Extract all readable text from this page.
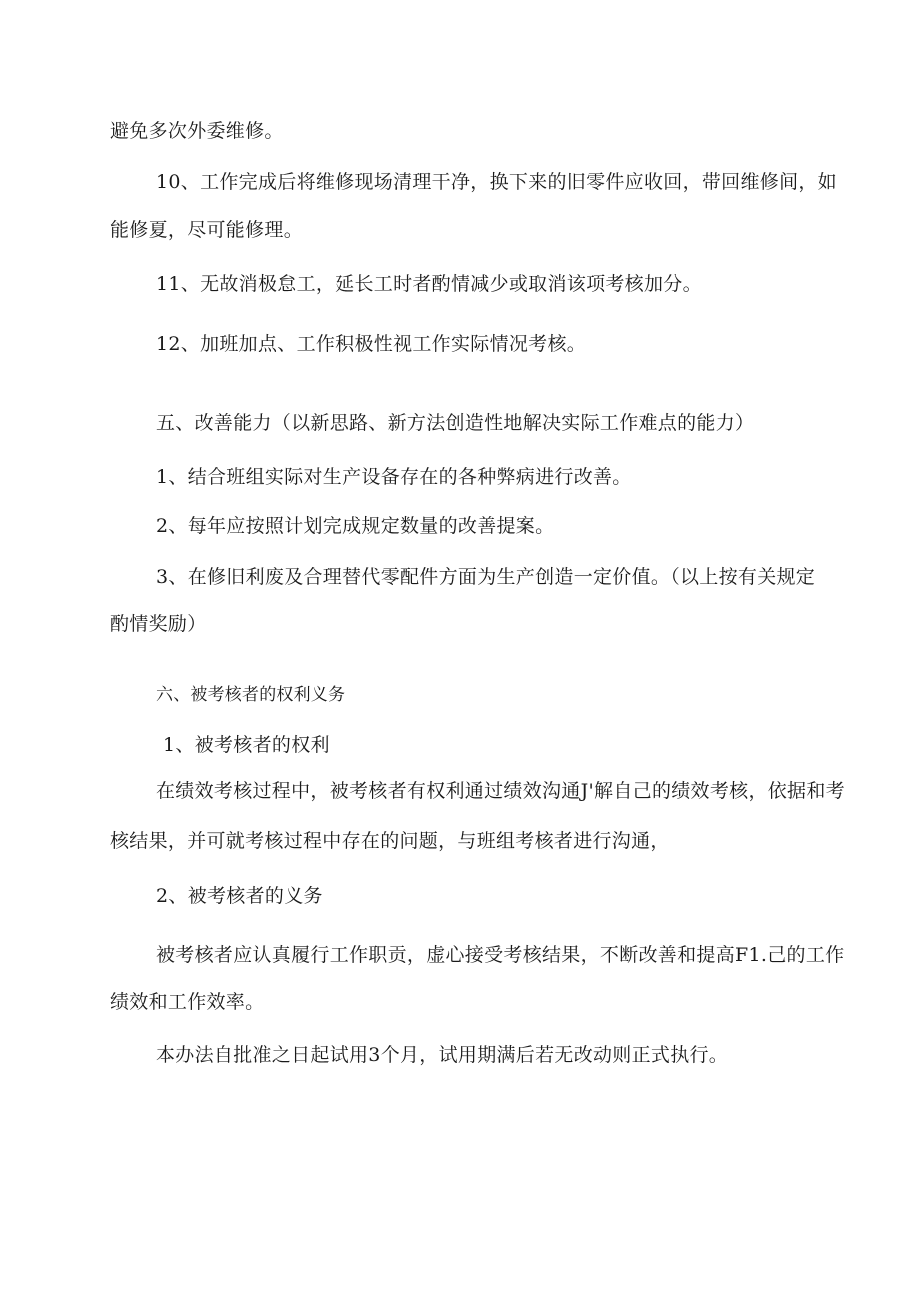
避免多次外委维修。
10、工作完成后将维修现场清理干净，换下来的旧零件应收回，带回维修间，如
能修夏，尽可能修理。
11、无故消极怠工，延长工时者酌情减少或取消该项考核加分。
12、加班加点、工作积极性视工作实际情况考核。
五、改善能力（以新思路、新方法创造性地解决实际工作难点的能力）
1、结合班组实际对生产设备存在的各种弊病进行改善。
2、每年应按照计划完成规定数量的改善提案。
3、在修旧利废及合理替代零配件方面为生产创造一定价值。（以上按有关规定
酌情奖励）
六、被考核者的权利义务
1、被考核者的权利
在绩效考核过程中，被考核者有权利通过绩效沟通J'解自己的绩效考核，依据和考
核结果，并可就考核过程中存在的问题，与班组考核者进行沟通，
2、被考核者的义务
被考核者应认真履行工作职贡，虚心接受考核结果，不断改善和提高F1.己的工作
绩效和工作效率。
本办法自批准之日起试用3个月，试用期满后若无改动则正式执行。
